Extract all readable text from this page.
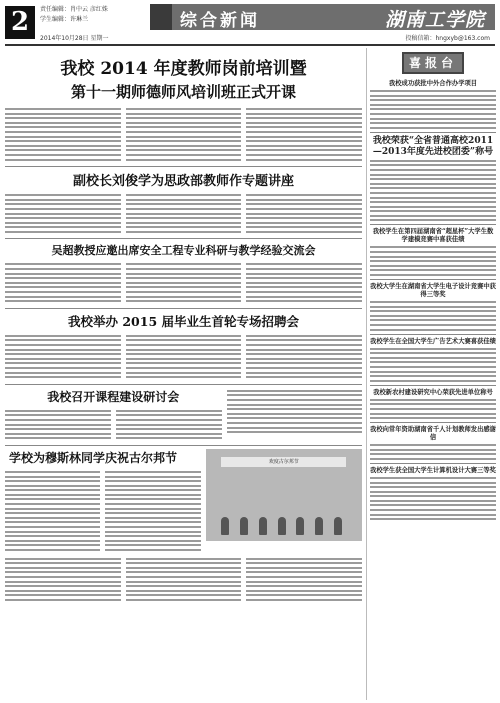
2	责任编辑：肖中云 彦红姝
学生编辑：许琳兰	综合新闻	湖南工学院
2014年10月28日 星期一	投稿信箱：hngxyb@163.com
我校 2014 年度教师岗前培训暨
第十一期师德师风培训班正式开课
副校长刘俊学为思政部教师作专题讲座
吴超教授应邀出席安全工程专业科研与教学经验交流会
我校举办 2015 届毕业生首轮专场招聘会
我校召开课程建设研讨会
学校为穆斯林同学庆祝古尔邦节	欢度古尔邦节
喜报台
我校成功获批中外合作办学项目
我校荣获“全省普通高校2011—2013年度先进校团委”称号
我校学生在第四届湖南省“超星杯”大学生数学建模竞赛中喜获佳绩
我校大学生在湖南省大学生电子设计竞赛中获得三等奖
我校学生在全国大学生广告艺术大赛喜获佳绩
我校新农村建设研究中心荣获先进单位称号
我校向常年资助湖南省千人计划教师发出感谢信
我校学生获全国大学生计算机设计大赛三等奖
